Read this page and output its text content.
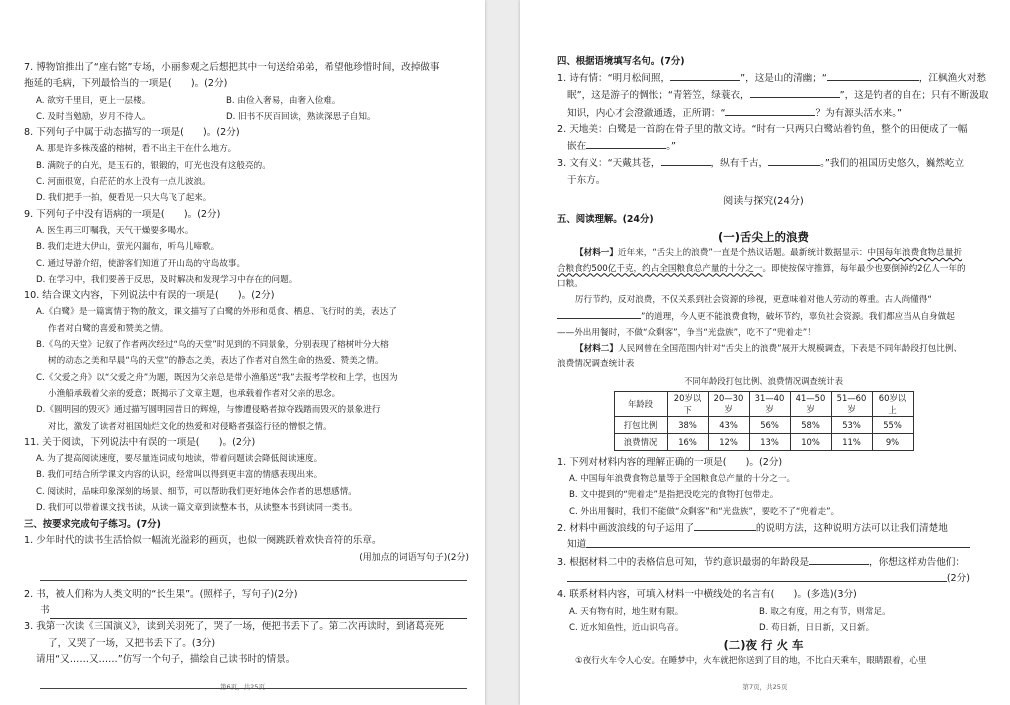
7. 博物馆推出了“座右铭”专场，小丽参观之后想把其中一句送给弟弟，希望他珍惜时间，改掉做事
拖延的毛病，下列最恰当的一项是(　　)。(2分)
A. 欲穷千里目，更上一层楼。	B. 由俭入奢易，由奢入俭难。
C. 及时当勉励，岁月不待人。	D. 旧书不厌百回读，熟读深思子自知。
8. 下列句子中属于动态描写的一项是(　　)。(2分)
A. 那是许多株茂盛的榕树，看不出主干在什么地方。
B. 满院子的白光，是玉石的，银锻的，叮光也没有这般亮的。
C. 河面很宽，白茫茫的水上没有一点儿波浪。
D. 我们把手一拍，便看见一只大鸟飞了起来。
9. 下列句子中没有语病的一项是(　　)。(2分)
A. 医生再三叮嘱我，天气干燥要多喝水。
B. 我们走进大伊山，萤光闪漏布，听鸟儿啼歌。
C. 通过导游介绍，使游客们知道了开山岛的守岛故事。
D. 在学习中，我们要善于反思，及时解决和发现学习中存在的问题。
10. 结合课文内容，下列说法中有误的一项是(　　)。(2分)
A.《白鹭》是一篇寓情于物的散文，课文描写了白鹭的外形和觅食、栖息、飞行时的美，表达了
作者对白鹭的喜爱和赞美之情。
B.《鸟的天堂》记叙了作者两次经过“鸟的天堂”时见到的不同景象，分别表现了榕树叶分大榕
树的动态之美和早晨“鸟的天堂”的静态之美，表达了作者对自然生命的热爱、赞美之情。
C.《父爱之舟》以“父爱之舟”为题，既因为父亲总是带小渔船送“我”去报考学校和上学，也因为
小渔船承载着父亲的爱意；既揭示了文章主题，也承载着作者对父亲的思念。
D.《圆明园的毁灭》通过描写圆明园昔日的辉煌，与惨遭侵略者掠夺践踏而毁灭的景象进行
对比，激发了读者对祖国灿烂文化的热爱和对侵略者强盗行径的憎恨之情。
11. 关于阅读，下列说法中有误的一项是(　　)。(2分)
A. 为了提高阅读速度，要尽量连词成句地读，带着问题读会降低阅读速度。
B. 我们可结合所学课文内容的认识，经常叫以得到更丰富的情感表现出来。
C. 阅读时，品味印象深刻的场景、细节，可以帮助我们更好地体会作者的思想感情。
D. 我们可以带着课文找书读，从读一篇文章到读整本书，从读整本书到读同一类书。
三、按要求完成句子练习。(7分)
1. 少年时代的读书生活恰似一幅流光溢彩的画页，也似一阕跳跃着欢快音符的乐章。
(用加点的词语写句子)(2分)
2. 书，被人们称为人类文明的“长生果”。(照样子，写句子)(2分)
书
3. 我第一次读《三国演义》，读到关羽死了，哭了一场，便把书丢下了。第二次再读时，到诸葛亮死
了，又哭了一场，又把书丢下了。(3分)
请用“又……又……”仿写一个句子，描绘自己读书时的情景。
第6页，共25页
四、根据语境填写名句。(7分)
1. 诗有情：“明月松间照，	”，这是山的清幽；“	，江枫渔火对愁
眠”，这是游子的惆怅；“青箬笠，绿蓑衣，	”，这是钓者的自在；只有不断汲取
知识，内心才会澄澈通透，正所谓：“	？为有源头活水来。”
2. 天地美：白鹭是一首韵在骨子里的散文诗。“时有一只两只白鹭站着钓鱼，整个的田便成了一幅
嵌在	。”
3. 文有义：“天戴其苍，	，纵有千古，	。”我们的祖国历史悠久，巍然屹立
于东方。
阅读与探究(24分)
五、阅读理解。(24分)
(一)舌尖上的浪费
【材料一】近年来，“舌尖上的浪费”一直是个热议话题。最新统计数据显示：中国每年浪费食物总量折合粮食约500亿千克，约占全国粮食总产量的十分之一。即使按保守推算，每年最少也要倒掉约2亿人一年的口粮。
厉行节约，反对浪费，不仅关系到社会资源的珍视，更意味着对他人劳动的尊重。古人尚懂得“”的道理，今人更不能浪费食物，破坏节约，辜负社会资源。我们都应当从自身做起——外出用餐时，不做“众剩客”，争当“光盘族”，吃不了“兜着走”！
【材料二】人民网曾在全国范围内针对“舌尖上的浪费”展开大规模调查，下表是不同年龄段打包比例、浪费情况调查统计表
不同年龄段打包比例、浪费情况调查统计表
年龄段	20岁以下	20—30岁	31—40岁	41—50岁	51—60岁	60岁以上
打包比例	38%	43%	56%	58%	53%	55%
浪费情况	16%	12%	13%	10%	11%	9%
1. 下列对材料内容的理解正确的一项是(　　)。(2分)
A. 中国每年浪费食物总量等于全国粮食总产量的十分之一。
B. 文中提到的“兜着走”是指把没吃完的食物打包带走。
C. 外出用餐时，我们不能做“众剩客”和“光盘族”，要吃不了“兜着走”。
2. 材料中画波浪线的句子运用了	的说明方法，这种说明方法可以让我们清楚地
知道
3. 根据材料二中的表格信息可知，节约意识最弱的年龄段是	，你想这样劝告他们：
(2分)
4. 联系材料内容，可填入材料一中横线处的名言有(　　)。(多选)(3分)
A. 天有物有时，地生财有限。	B. 取之有度，用之有节，则常足。
C. 近水知鱼性，近山识鸟音。	D. 苟日新，日日新，又日新。
(二)夜 行 火 车
①夜行火车令人心安。在睡梦中，火车就把你送到了目的地，不比白天乘车，眼睛跟着，心里
第7页，共25页
